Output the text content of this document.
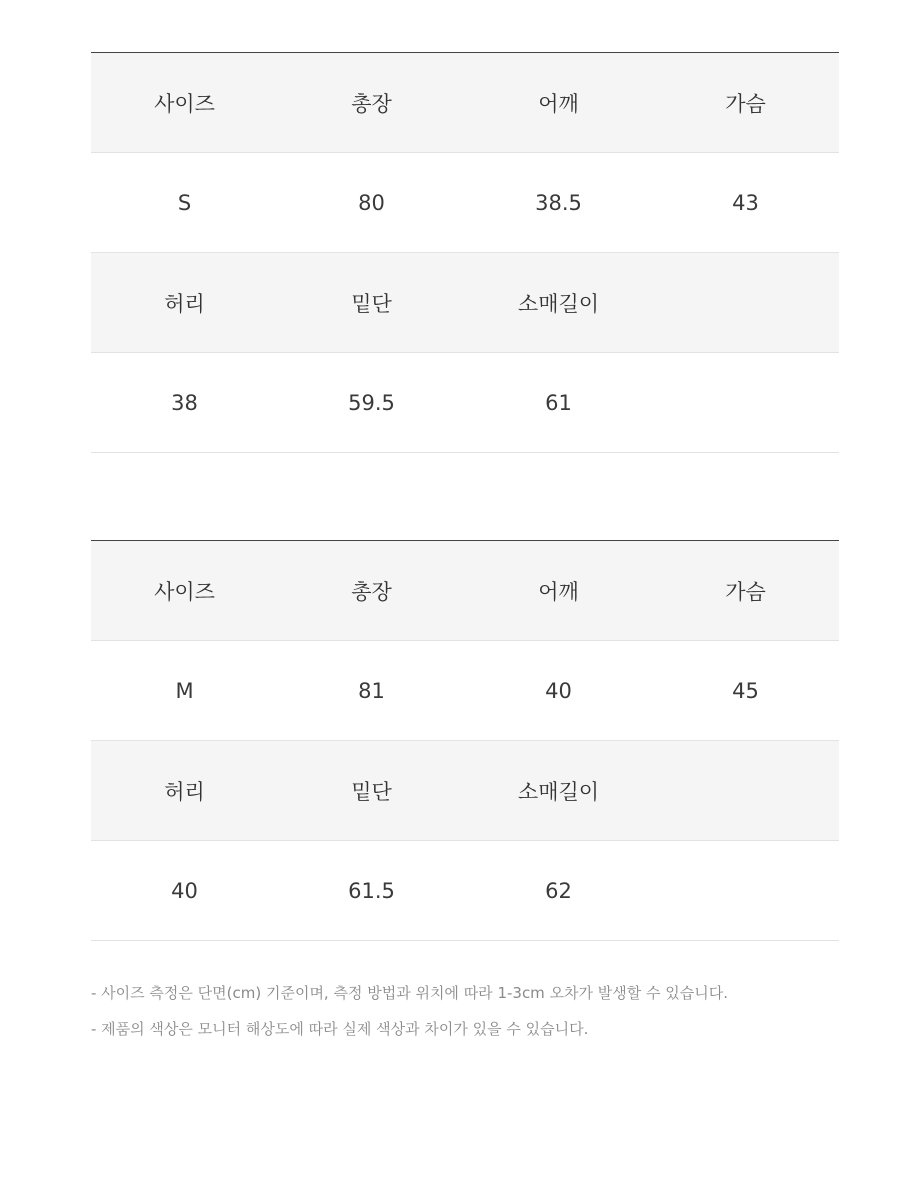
사이즈	총장	어깨	가슴
S	80	38.5	43
허리	밑단	소매길이
38	59.5	61
사이즈	총장	어깨	가슴
M	81	40	45
허리	밑단	소매길이
40	61.5	62
- 사이즈 측정은 단면(cm) 기준이며, 측정 방법과 위치에 따라 1-3cm 오차가 발생할 수 있습니다.
- 제품의 색상은 모니터 해상도에 따라 실제 색상과 차이가 있을 수 있습니다.
